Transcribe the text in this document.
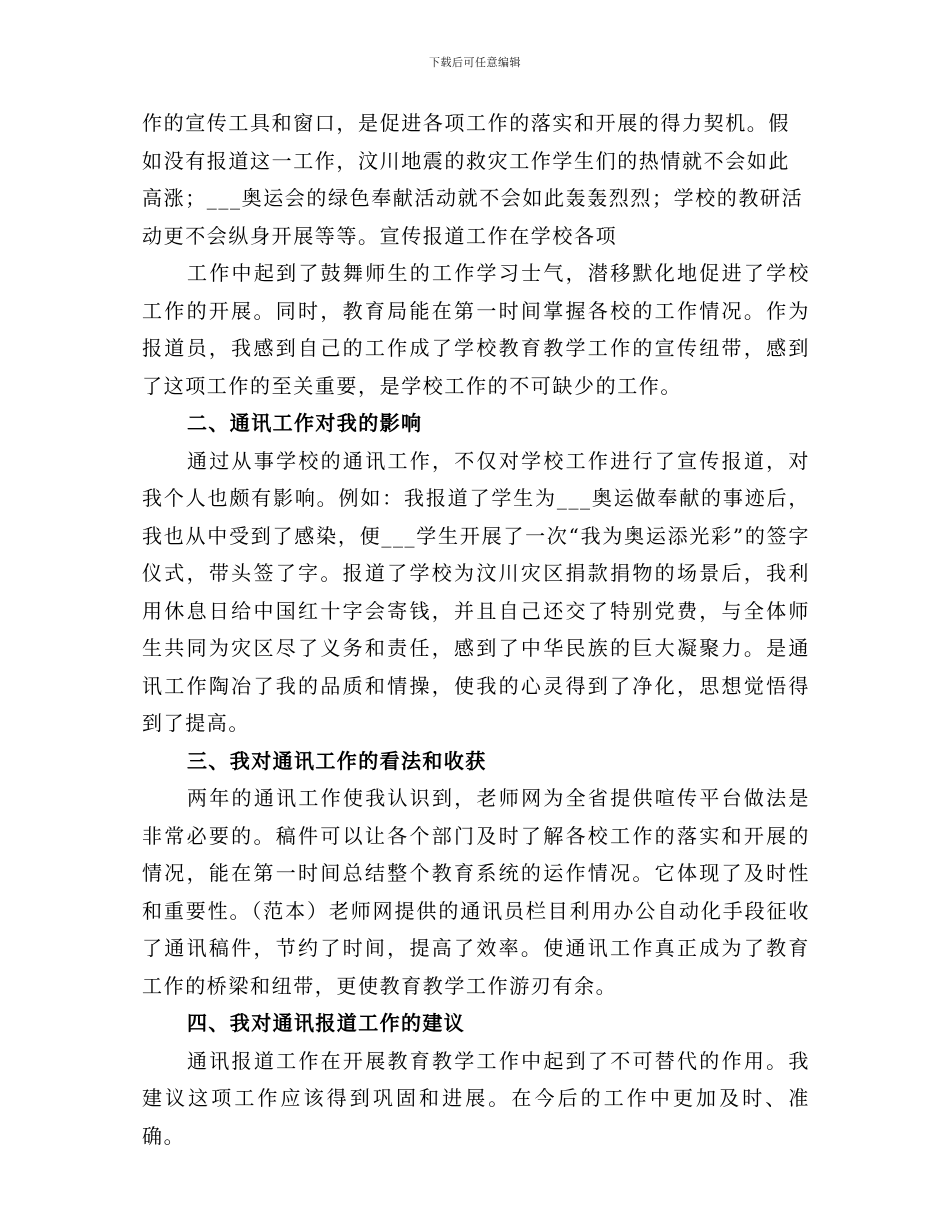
下载后可任意编辑

作的宣传工具和窗口，是促进各项工作的落实和开展的得力契机。假如没有报道这一工作，汶川地震的救灾工作学生们的热情就不会如此高涨；___奥运会的绿色奉献活动就不会如此轰轰烈烈；学校的教研活动更不会纵身开展等等。宣传报道工作在学校各项

工作中起到了鼓舞师生的工作学习士气，潜移默化地促进了学校工作的开展。同时，教育局能在第一时间掌握各校的工作情况。作为报道员，我感到自己的工作成了学校教育教学工作的宣传纽带，感到了这项工作的至关重要，是学校工作的不可缺少的工作。

二、通讯工作对我的影响

通过从事学校的通讯工作，不仅对学校工作进行了宣传报道，对我个人也颇有影响。例如：我报道了学生为___奥运做奉献的事迹后，我也从中受到了感染，便___学生开展了一次“我为奥运添光彩”的签字仪式，带头签了字。报道了学校为汶川灾区捐款捐物的场景后，我利用休息日给中国红十字会寄钱，并且自己还交了特别党费，与全体师生共同为灾区尽了义务和责任，感到了中华民族的巨大凝聚力。是通讯工作陶冶了我的品质和情操，使我的心灵得到了净化，思想觉悟得到了提高。

三、我对通讯工作的看法和收获

两年的通讯工作使我认识到，老师网为全省提供喧传平台做法是非常必要的。稿件可以让各个部门及时了解各校工作的落实和开展的情况，能在第一时间总结整个教育系统的运作情况。它体现了及时性和重要性。（范本）老师网提供的通讯员栏目利用办公自动化手段征收了通讯稿件，节约了时间，提高了效率。使通讯工作真正成为了教育工作的桥梁和纽带，更使教育教学工作游刃有余。

四、我对通讯报道工作的建议

通讯报道工作在开展教育教学工作中起到了不可替代的作用。我建议这项工作应该得到巩固和进展。在今后的工作中更加及时、准确。
